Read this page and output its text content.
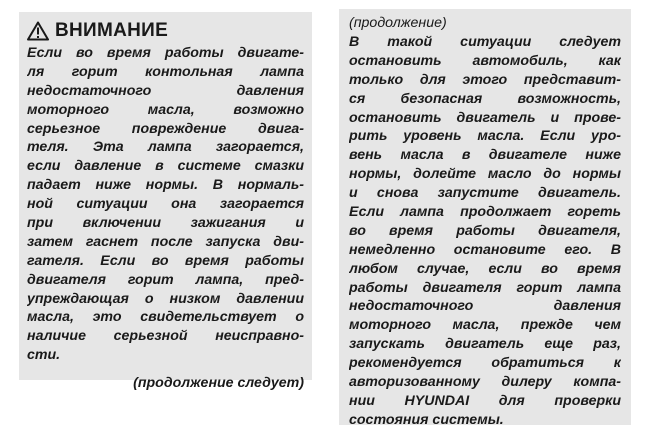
ВНИМАНИЕ
Если во время работы двигате-
ля горит контольная лампа
недостаточного давления
моторного масла, возможно
серьезное повреждение двига-
теля. Эта лампа загорается,
если давление в системе смазки
падает ниже нормы. В нормаль-
ной ситуации она загорается
при включении зажигания и
затем гаснет после запуска дви-
гателя. Если во время работы
двигателя горит лампа, пред-
упреждающая о низком давлении
масла, это свидетельствует о
наличие серьезной неисправно-
сти.
(продолжение следует)
(продолжение)
В такой ситуации следует
остановить автомобиль, как
только для этого представит-
ся безопасная возможность,
остановить двигатель и прове-
рить уровень масла. Если уро-
вень масла в двигателе ниже
нормы, долейте масло до нормы
и снова запустите двигатель.
Если лампа продолжает гореть
во время работы двигателя,
немедленно остановите его. В
любом случае, если во время
работы двигателя горит лампа
недостаточного давления
моторного масла, прежде чем
запускать двигатель еще раз,
рекомендуется обратиться к
авторизованному дилеру компа-
нии HYUNDAI для проверки
состояния системы.
